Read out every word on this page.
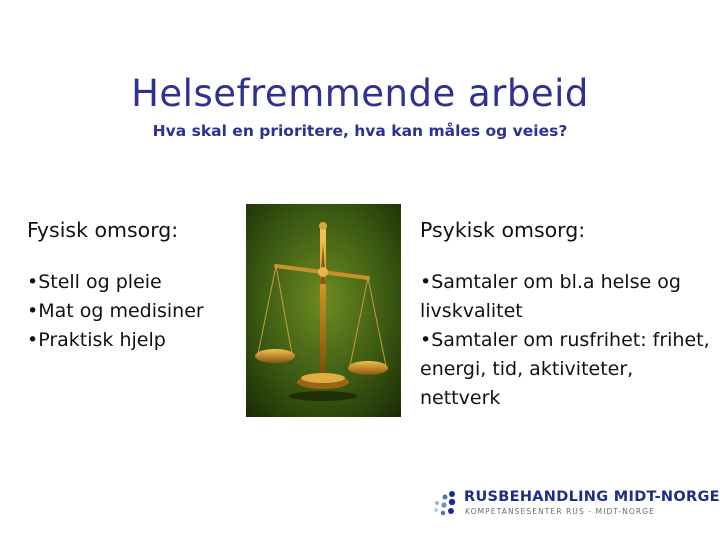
Helsefremmende arbeid
Hva skal en prioritere, hva kan måles og veies?
Fysisk omsorg:
•Stell og pleie
•Mat og medisiner
•Praktisk hjelp
Psykisk omsorg:
•Samtaler om bl.a helse og livskvalitet
•Samtaler om rusfrihet: frihet, energi, tid, aktiviteter, nettverk
RUSBEHANDLING MIDT-NORGE
KOMPETANSESENTER RUS - MIDT-NORGE
